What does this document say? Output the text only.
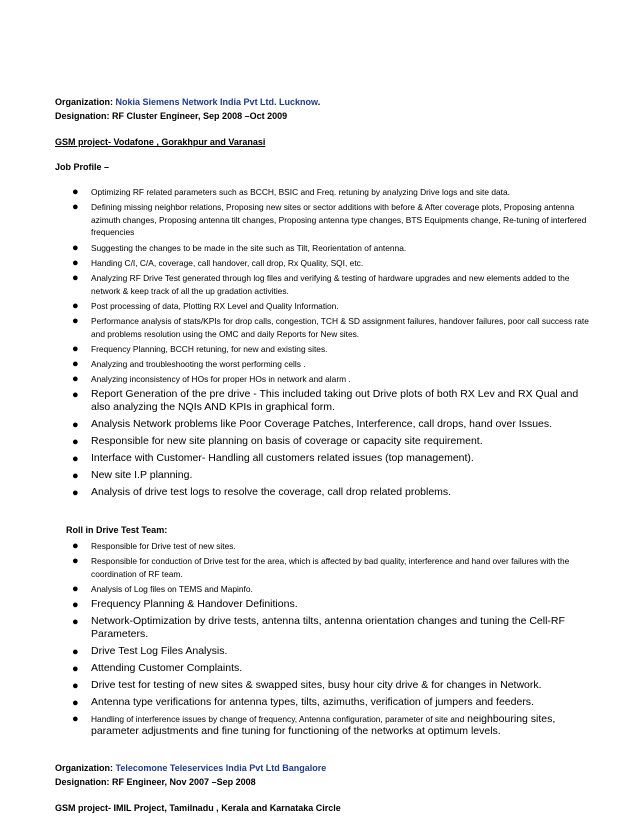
Organization: Nokia Siemens Network India Pvt Ltd. Lucknow.
Designation: RF Cluster Engineer, Sep 2008 –Oct 2009
GSM project- Vodafone , Gorakhpur and Varanasi
Job Profile –
● Optimizing RF related parameters such as BCCH, BSIC and Freq. retuning by analyzing Drive logs and site data.
● Defining missing neighbor relations, Proposing new sites or sector additions with before & After coverage plots, Proposing antenna azimuth changes, Proposing antenna tilt changes, Proposing antenna type changes, BTS Equipments change, Re-tuning of interfered frequencies
● Suggesting the changes to be made in the site such as Tilt, Reorientation of antenna.
● Handing C/I, C/A, coverage, call handover, call drop, Rx Quality, SQI, etc.
● Analyzing RF Drive Test generated through log files and verifying & testing of hardware upgrades and new elements added to the network & keep track of all the up gradation activities.
● Post processing of data, Plotting RX Level and Quality Information.
● Performance analysis of stats/KPIs for drop calls, congestion, TCH & SD assignment failures, handover failures, poor call success rate and problems resolution using the OMC and daily Reports for New sites.
● Frequency Planning, BCCH retuning, for new and existing sites.
● Analyzing and troubleshooting the worst performing cells .
● Analyzing inconsistency of HOs for proper HOs in network and alarm .
● Report Generation of the pre drive - This included taking out Drive plots of both RX Lev and RX Qual and also analyzing the NQIs AND KPIs in graphical form.
● Analysis Network problems like Poor Coverage Patches, Interference, call drops, hand over Issues.
● Responsible for new site planning on basis of coverage or capacity site requirement.
● Interface with Customer- Handling all customers related issues (top management).
● New site I.P planning.
● Analysis of drive test logs to resolve the coverage, call drop related problems.
Roll in Drive Test Team:
● Responsible for Drive test of new sites.
● Responsible for conduction of Drive test for the area, which is affected by bad quality, interference and hand over failures with the coordination of RF team.
● Analysis of Log files on TEMS and Mapinfo.
● Frequency Planning & Handover Definitions.
● Network-Optimization by drive tests, antenna tilts, antenna orientation changes and tuning the Cell-RF Parameters.
● Drive Test Log Files Analysis.
● Attending Customer Complaints.
● Drive test for testing of new sites & swapped sites, busy hour city drive & for changes in Network.
● Antenna type verifications for antenna types, tilts, azimuths, verification of jumpers and feeders.
● Handling of interference issues by change of frequency, Antenna configuration, parameter of site and neighbouring sites, parameter adjustments and fine tuning for functioning of the networks at optimum levels.
Organization: Telecomone Teleservices India Pvt Ltd Bangalore
Designation: RF Engineer, Nov 2007 –Sep 2008
GSM project- IMIL Project, Tamilnadu , Kerala and Karnataka Circle
